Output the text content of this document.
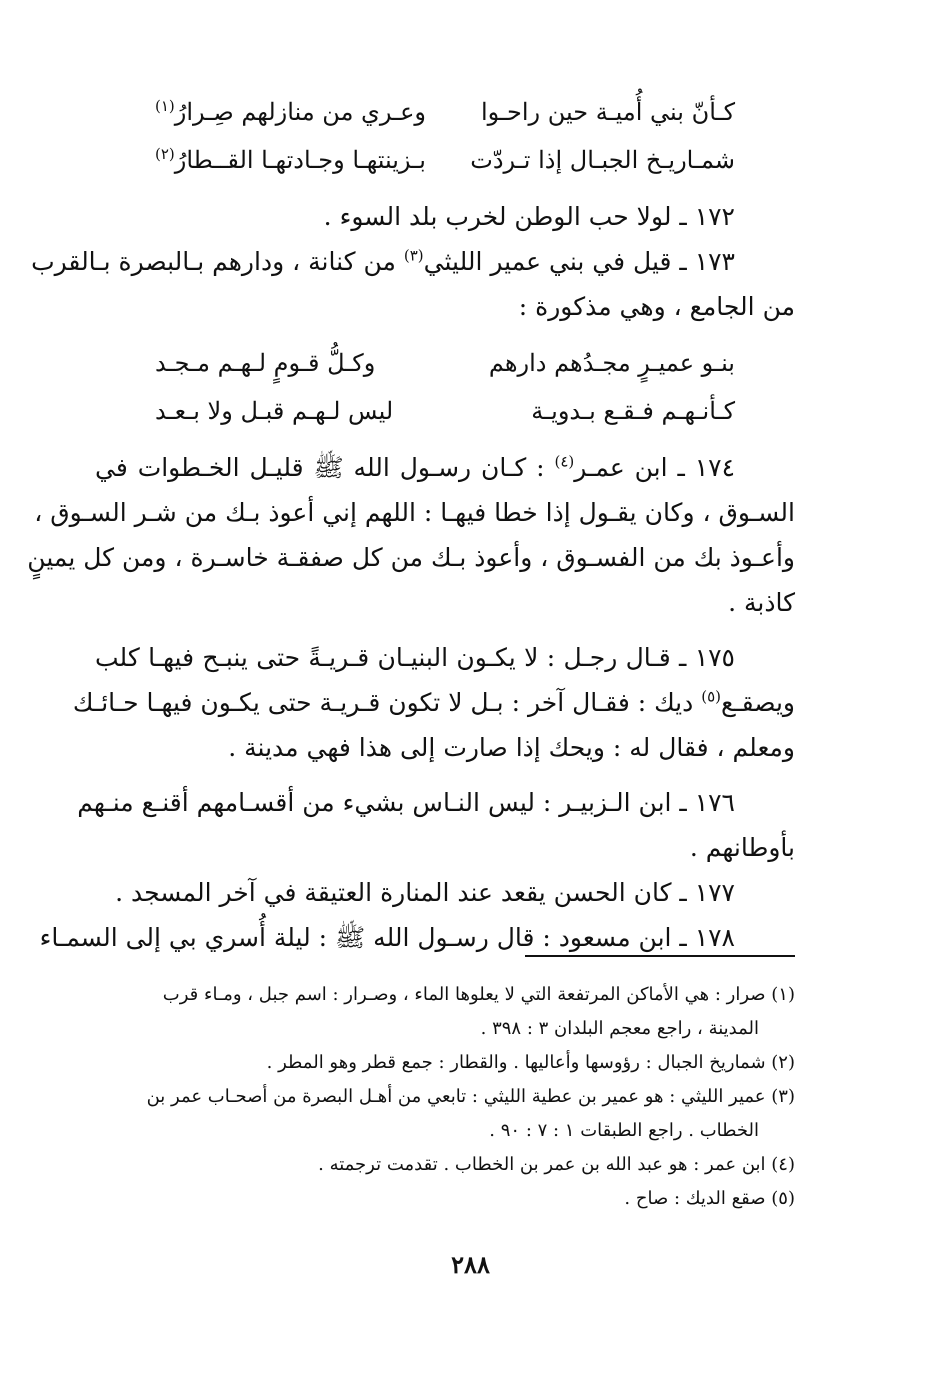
كـأنّ بني أُميـة حين راحـوا
وعـري من منازلهم صِـرارُ$^{(١)}$
شمـاريـخ الجبـال إذا تـردّت
بـزينتهـا وجـادتهـا القــطارُ$^{(٢)}$
١٧٢ ـ لولا حب الوطن لخرب بلد السوء .
١٧٣ ـ قيل في بني عمير الليثي$^{(٣)}$ من كنانة ، ودارهم بـالبصرة بـالقرب
من الجامع ، وهي مذكورة :
بنـو عميـرٍ مجـدُهم دارهم
وكـلُّ قـومٍ لـهـم مـجـد
كـأنـهـم فـقـع بـدويـة
ليس لـهـم قبـل ولا بـعـد
١٧٤ ـ ابن عمـر$^{(٤)}$ : كـان رسـول الله ﷺ قليـل الخـطوات في
السـوق ، وكان يقـول إذا خطا فيهـا : اللهم إني أعوذ بـك من شـر السـوق ،
وأعـوذ بك من الفسـوق ، وأعوذ بـك من كل صفقـة خاسـرة ، ومن كل يمينٍ
كاذبة .
١٧٥ ـ قـال رجـل : لا يكـون البنيـان قـريـةً حتى ينبـح فيهـا كلب
ويصقـع$^{(٥)}$ ديك : فقـال آخر : بـل لا تكون قـريـة حتى يكـون فيهـا حـائـك
ومعلم ، فقال له : ويحك إذا صارت إلى هذا فهي مدينة .
١٧٦ ـ ابن الـزبيـر : ليس النـاس بشيء من أقسـامهم أقنـع منـهم
بأوطانهم .
١٧٧ ـ كان الحسن يقعد عند المنارة العتيقة في آخر المسجد .
١٧٨ ـ ابن مسعود : قال رسـول الله ﷺ : ليلة أُسري بي إلى السمـاء
(١) صرار : هي الأماكن المرتفعة التي لا يعلوها الماء ، وصـرار : اسم جبل ، ومـاء قرب
المدينة ، راجع معجم البلدان ٣ : ٣٩٨ .
(٢) شماريخ الجبال : رؤوسها وأعاليها . والقطار : جمع قطر وهو المطر .
(٣) عمير الليثي : هو عمير بن عطية الليثي : تابعي من أهـل البصرة من أصحـاب عمر بن
الخطاب . راجع الطبقات ١ : ٧ : ٩٠ .
(٤) ابن عمر : هو عبد الله بن عمر بن الخطاب . تقدمت ترجمته .
(٥) صقع الديك : صاح .
٢٨٨
